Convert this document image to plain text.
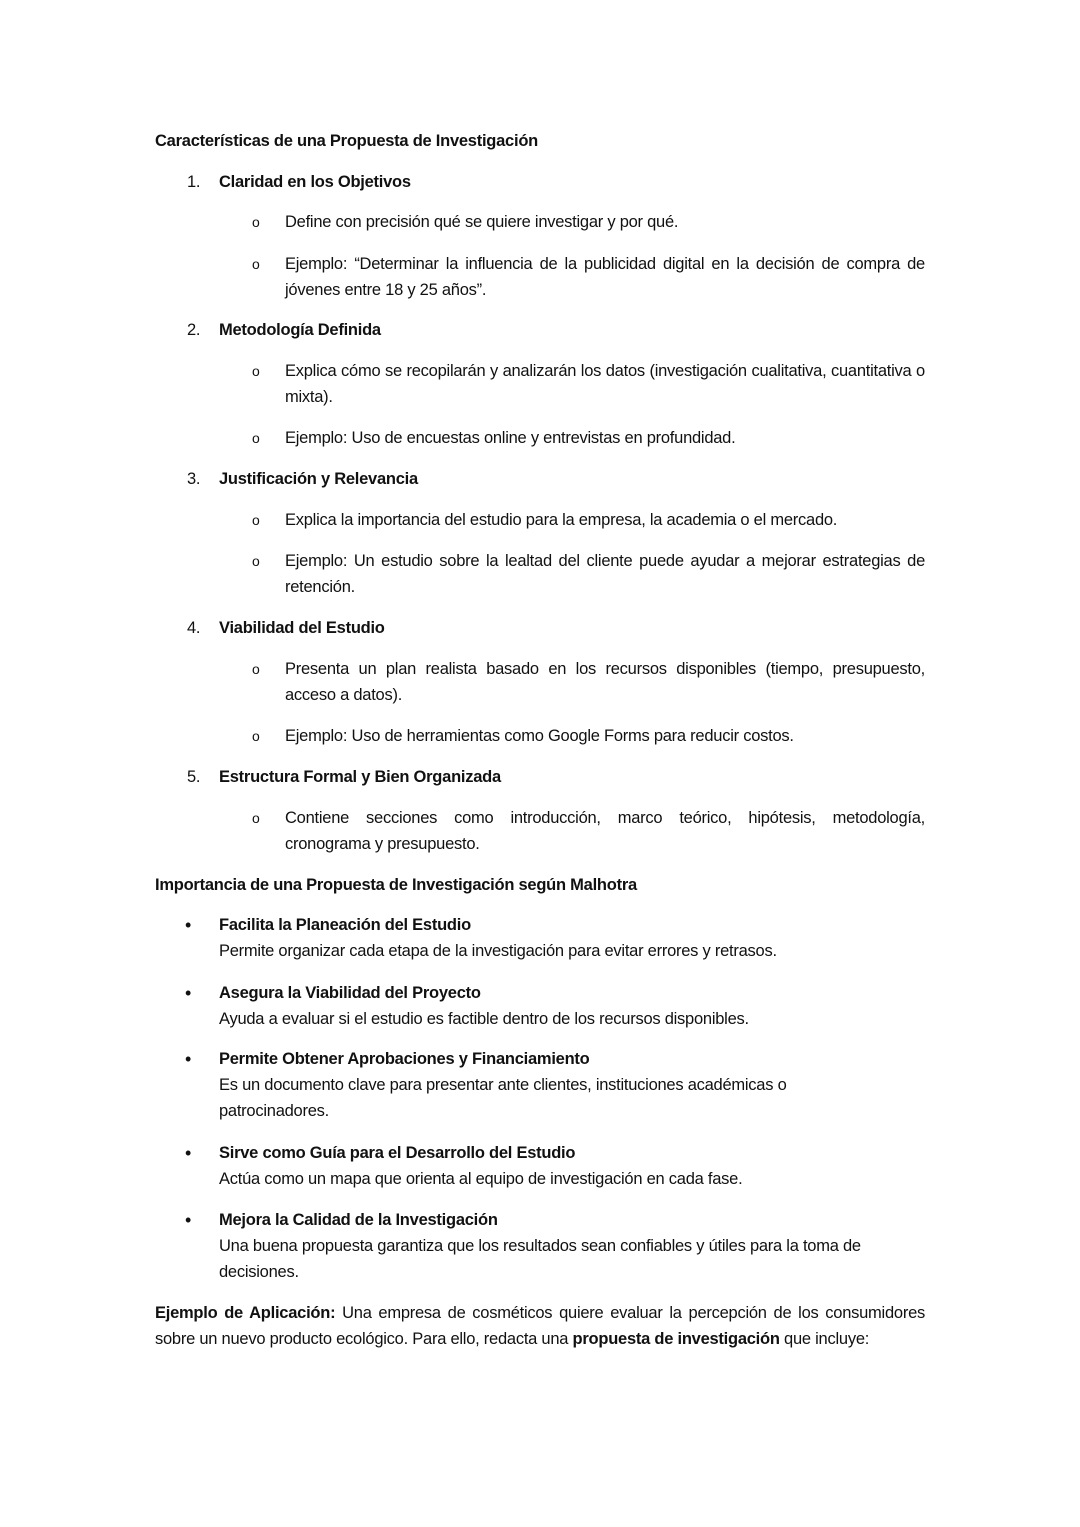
Características de una Propuesta de Investigación
1. Claridad en los Objetivos
o Define con precisión qué se quiere investigar y por qué.
o Ejemplo: “Determinar la influencia de la publicidad digital en la decisión de compra de jóvenes entre 18 y 25 años”.
2. Metodología Definida
o Explica cómo se recopilarán y analizarán los datos (investigación cualitativa, cuantitativa o mixta).
o Ejemplo: Uso de encuestas online y entrevistas en profundidad.
3. Justificación y Relevancia
o Explica la importancia del estudio para la empresa, la academia o el mercado.
o Ejemplo: Un estudio sobre la lealtad del cliente puede ayudar a mejorar estrategias de retención.
4. Viabilidad del Estudio
o Presenta un plan realista basado en los recursos disponibles (tiempo, presupuesto, acceso a datos).
o Ejemplo: Uso de herramientas como Google Forms para reducir costos.
5. Estructura Formal y Bien Organizada
o Contiene secciones como introducción, marco teórico, hipótesis, metodología, cronograma y presupuesto.
Importancia de una Propuesta de Investigación según Malhotra
• Facilita la Planeación del Estudio
Permite organizar cada etapa de la investigación para evitar errores y retrasos.
• Asegura la Viabilidad del Proyecto
Ayuda a evaluar si el estudio es factible dentro de los recursos disponibles.
• Permite Obtener Aprobaciones y Financiamiento
Es un documento clave para presentar ante clientes, instituciones académicas o patrocinadores.
• Sirve como Guía para el Desarrollo del Estudio
Actúa como un mapa que orienta al equipo de investigación en cada fase.
• Mejora la Calidad de la Investigación
Una buena propuesta garantiza que los resultados sean confiables y útiles para la toma de decisiones.
Ejemplo de Aplicación: Una empresa de cosméticos quiere evaluar la percepción de los consumidores sobre un nuevo producto ecológico. Para ello, redacta una propuesta de investigación que incluye:
